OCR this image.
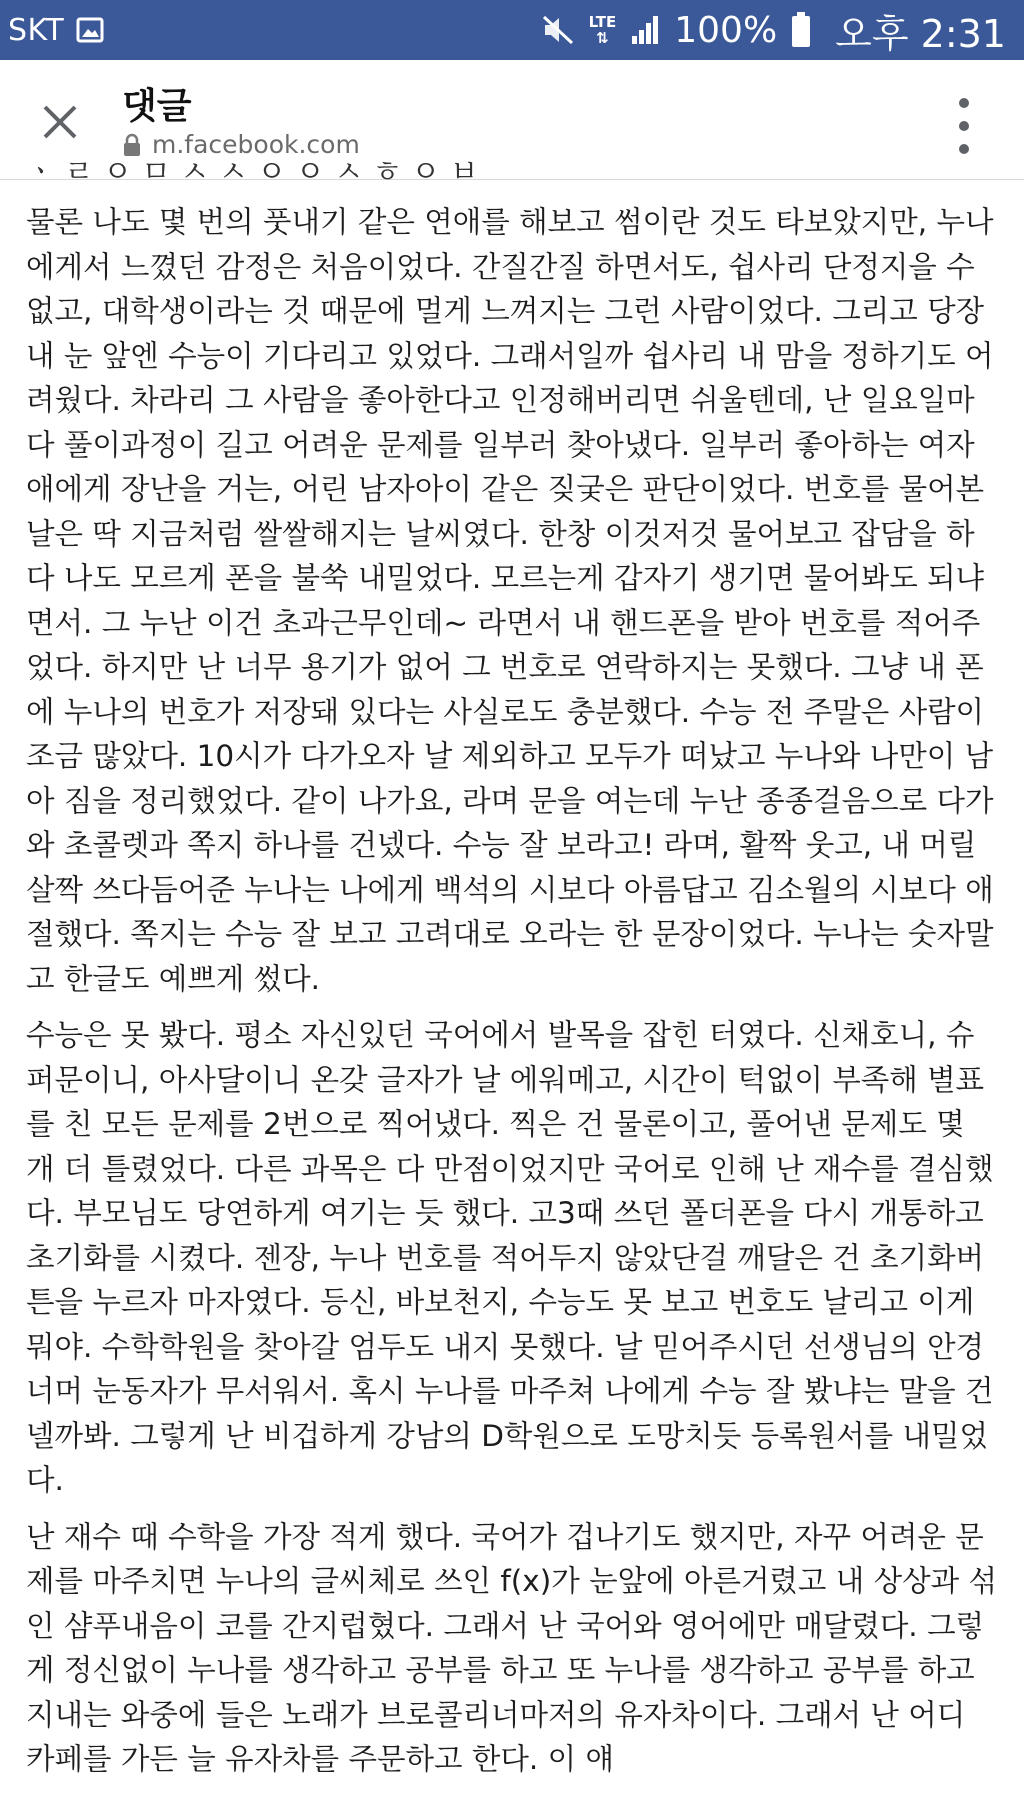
SKT	LTE
⇅ 100% 오후 2:31
댓글
m.facebook.com
ㆍ ㄹ ㅇ ㅁ ㅅ ㅅ ㅇ ㅇ ㅅ ㅎ ㅇ ㅂ

물론 나도 몇 번의 풋내기 같은 연애를 해보고 썸이란 것도 타보았지만, 누나에게서 느꼈던 감정은 처음이었다. 간질간질 하면서도, 쉽사리 단정지을 수 없고, 대학생이라는 것 때문에 멀게 느껴지는 그런 사람이었다. 그리고 당장 내 눈 앞엔 수능이 기다리고 있었다. 그래서일까 쉽사리 내 맘을 정하기도 어려웠다. 차라리 그 사람을 좋아한다고 인정해버리면 쉬울텐데, 난 일요일마다 풀이과정이 길고 어려운 문제를 일부러 찾아냈다. 일부러 좋아하는 여자애에게 장난을 거는, 어린 남자아이 같은 짖궂은 판단이었다. 번호를 물어본 날은 딱 지금처럼 쌀쌀해지는 날씨였다. 한창 이것저것 물어보고 잡담을 하다 나도 모르게 폰을 불쑥 내밀었다. 모르는게 갑자기 생기면 물어봐도 되냐면서. 그 누난 이건 초과근무인데~ 라면서 내 핸드폰을 받아 번호를 적어주었다. 하지만 난 너무 용기가 없어 그 번호로 연락하지는 못했다. 그냥 내 폰에 누나의 번호가 저장돼 있다는 사실로도 충분했다. 수능 전 주말은 사람이 조금 많았다. 10시가 다가오자 날 제외하고 모두가 떠났고 누나와 나만이 남아 짐을 정리했었다. 같이 나가요, 라며 문을 여는데 누난 종종걸음으로 다가와 초콜렛과 쪽지 하나를 건넸다. 수능 잘 보라고! 라며, 활짝 웃고, 내 머릴 살짝 쓰다듬어준 누나는 나에게 백석의 시보다 아름답고 김소월의 시보다 애절했다. 쪽지는 수능 잘 보고 고려대로 오라는 한 문장이었다. 누나는 숫자말고 한글도 예쁘게 썼다.

수능은 못 봤다. 평소 자신있던 국어에서 발목을 잡힌 터였다. 신채호니, 슈퍼문이니, 아사달이니 온갖 글자가 날 에워메고, 시간이 턱없이 부족해 별표를 친 모든 문제를 2번으로 찍어냈다. 찍은 건 물론이고, 풀어낸 문제도 몇 개 더 틀렸었다. 다른 과목은 다 만점이었지만 국어로 인해 난 재수를 결심했다. 부모님도 당연하게 여기는 듯 했다. 고3때 쓰던 폴더폰을 다시 개통하고 초기화를 시켰다. 젠장, 누나 번호를 적어두지 않았단걸 깨달은 건 초기화버튼을 누르자 마자였다. 등신, 바보천지, 수능도 못 보고 번호도 날리고 이게 뭐야. 수학학원을 찾아갈 엄두도 내지 못했다. 날 믿어주시던 선생님의 안경 너머 눈동자가 무서워서. 혹시 누나를 마주쳐 나에게 수능 잘 봤냐는 말을 건넬까봐. 그렇게 난 비겁하게 강남의 D학원으로 도망치듯 등록원서를 내밀었다.

난 재수 때 수학을 가장 적게 했다. 국어가 겁나기도 했지만, 자꾸 어려운 문제를 마주치면 누나의 글씨체로 쓰인 f(x)가 눈앞에 아른거렸고 내 상상과 섞인 샴푸내음이 코를 간지럽혔다. 그래서 난 국어와 영어에만 매달렸다. 그렇게 정신없이 누나를 생각하고 공부를 하고 또 누나를 생각하고 공부를 하고 지내는 와중에 들은 노래가 브로콜리너마저의 유자차이다. 그래서 난 어디 카페를 가든 늘 유자차를 주문하고 한다. 이 얘
